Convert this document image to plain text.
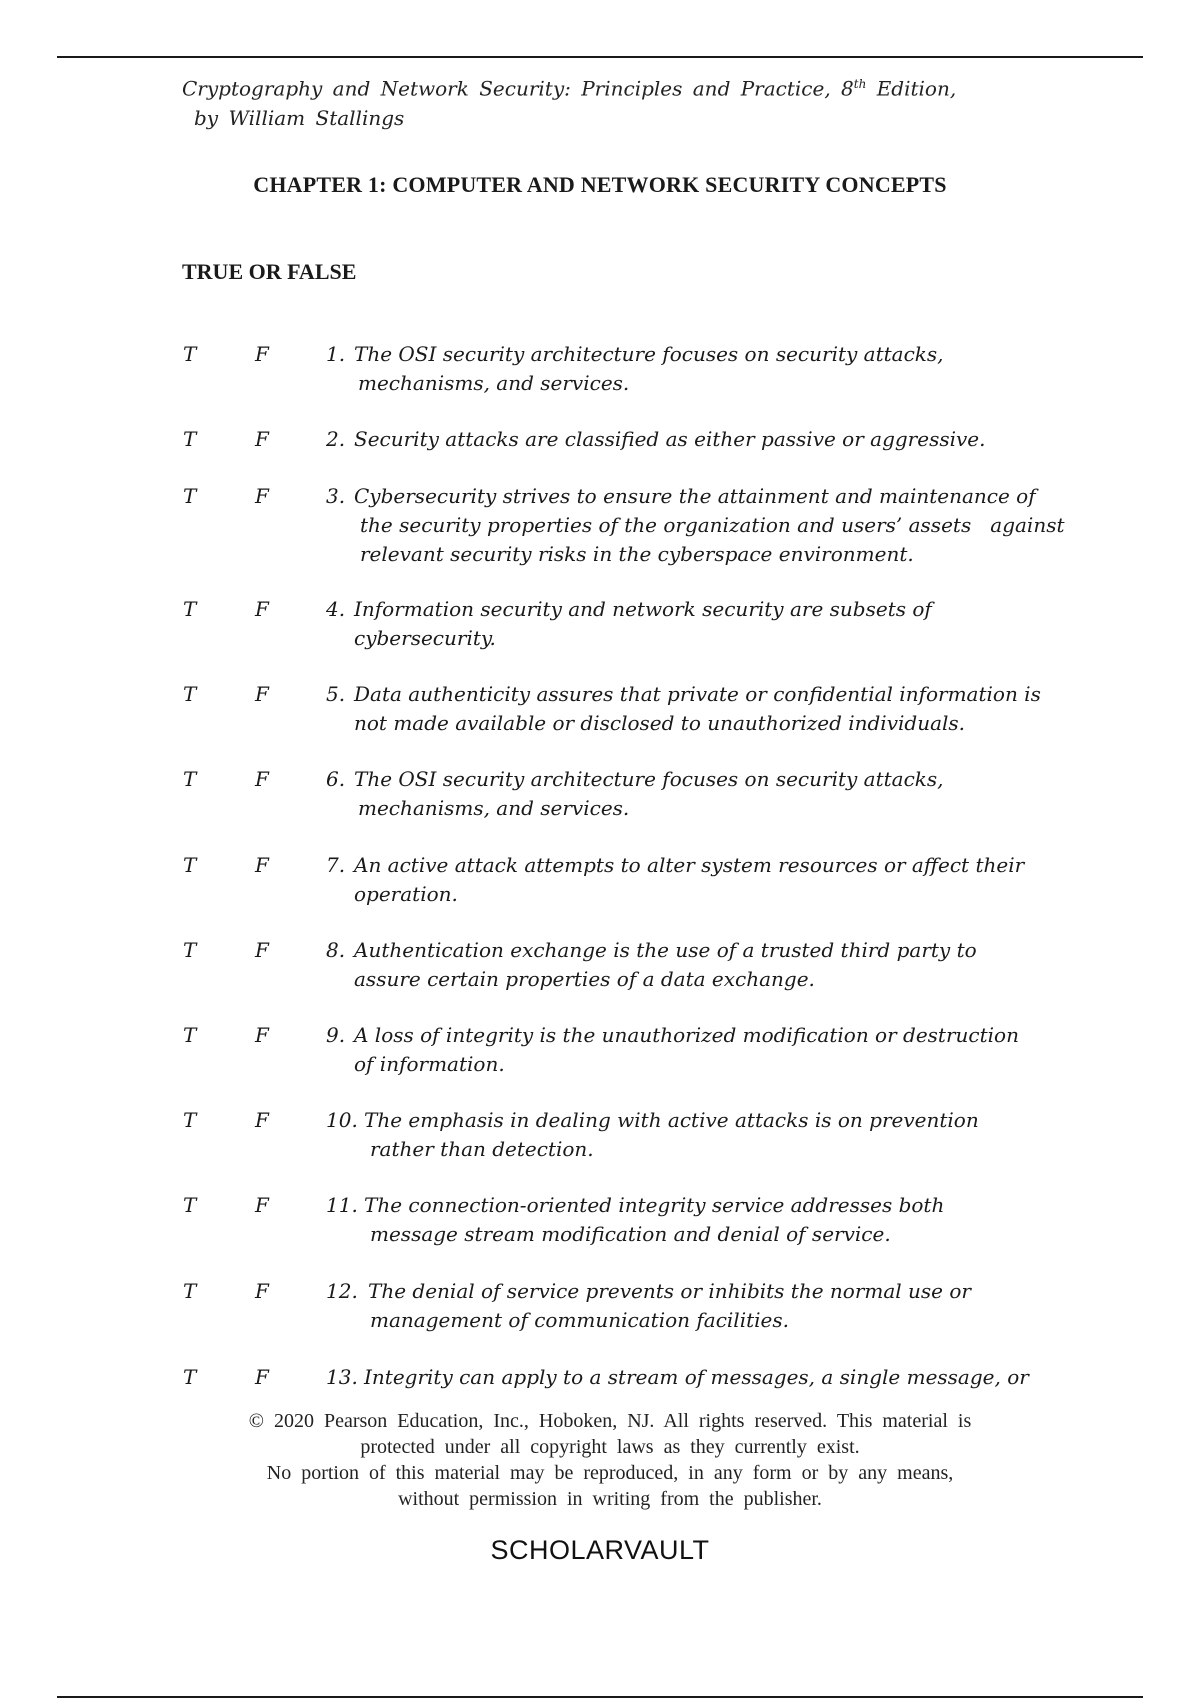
Cryptography and Network Security: Principles and Practice, 8th Edition,
by William Stallings
CHAPTER 1: COMPUTER AND NETWORK SECURITY CONCEPTS
TRUE OR FALSE
T	F	1. The OSI security architecture focuses on security attacks,
mechanisms, and services.
T	F	2. Security attacks are classified as either passive or aggressive.
T	F	3. Cybersecurity strives to ensure the attainment and maintenance of
the security properties of the organization and users’ assets   against
relevant security risks in the cyberspace environment.
T	F	4. Information security and network security are subsets of
cybersecurity.
T	F	5. Data authenticity assures that private or confidential information is
not made available or disclosed to unauthorized individuals.
T	F	6. The OSI security architecture focuses on security attacks,
mechanisms, and services.
T	F	7. An active attack attempts to alter system resources or affect their
operation.
T	F	8. Authentication exchange is the use of a trusted third party to
assure certain properties of a data exchange.
T	F	9. A loss of integrity is the unauthorized modification or destruction
of information.
T	F	10. The emphasis in dealing with active attacks is on prevention
rather than detection.
T	F	11. The connection-oriented integrity service addresses both
message stream modification and denial of service.
T	F	12. The denial of service prevents or inhibits the normal use or
management of communication facilities.
T	F	13. Integrity can apply to a stream of messages, a single message, or
© 2020 Pearson Education, Inc., Hoboken, NJ. All rights reserved. This material is
protected under all copyright laws as they currently exist.
No portion of this material may be reproduced, in any form or by any means,
without permission in writing from the publisher.
SCHOLARVAULT
